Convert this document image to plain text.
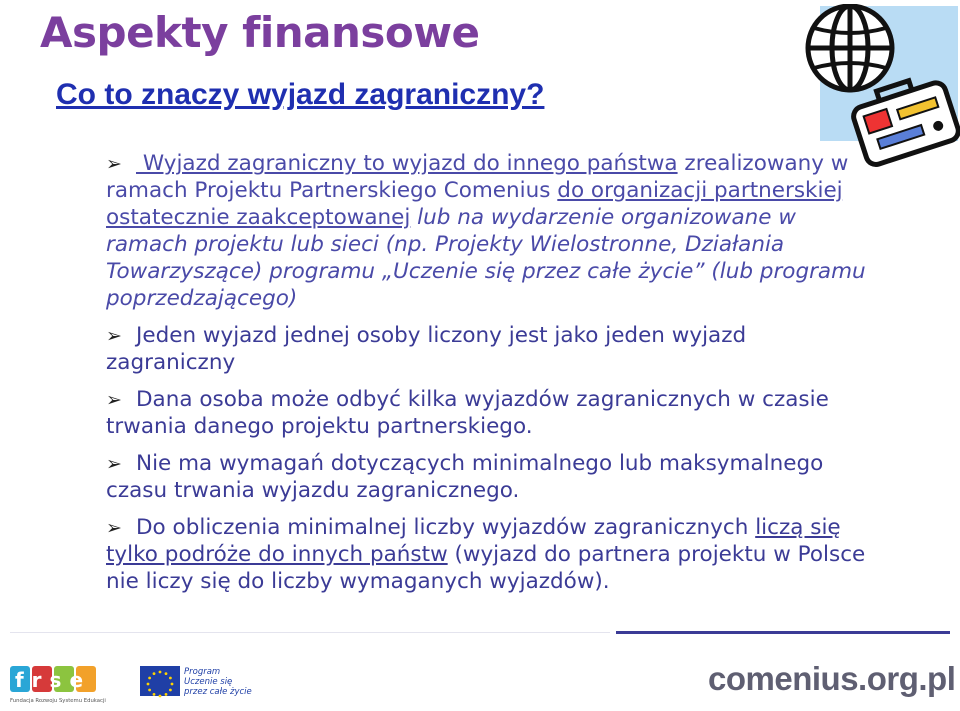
Aspekty finansowe
Co to znaczy wyjazd zagraniczny?

➢ Wyjazd zagraniczny to wyjazd do innego państwa zrealizowany w ramach Projektu Partnerskiego Comenius do organizacji partnerskiej ostatecznie zaakceptowanej lub na wydarzenie organizowane w ramach projektu lub sieci (np. Projekty Wielostronne, Działania Towarzyszące) programu „Uczenie się przez całe życie” (lub programu poprzedzającego)

➢ Jeden wyjazd jednej osoby liczony jest jako jeden wyjazd zagraniczny

➢ Dana osoba może odbyć kilka wyjazdów zagranicznych w czasie trwania danego projektu partnerskiego.

➢ Nie ma wymagań dotyczących minimalnego lub maksymalnego czasu trwania wyjazdu zagranicznego.

➢ Do obliczenia minimalnej liczby wyjazdów zagranicznych liczą się tylko podróże do innych państw (wyjazd do partnera projektu w Polsce nie liczy się do liczby wymaganych wyjazdów).

frse
Fundacja Rozwoju Systemu Edukacji
Program Uczenie się przez całe życie	comenius.org.pl
